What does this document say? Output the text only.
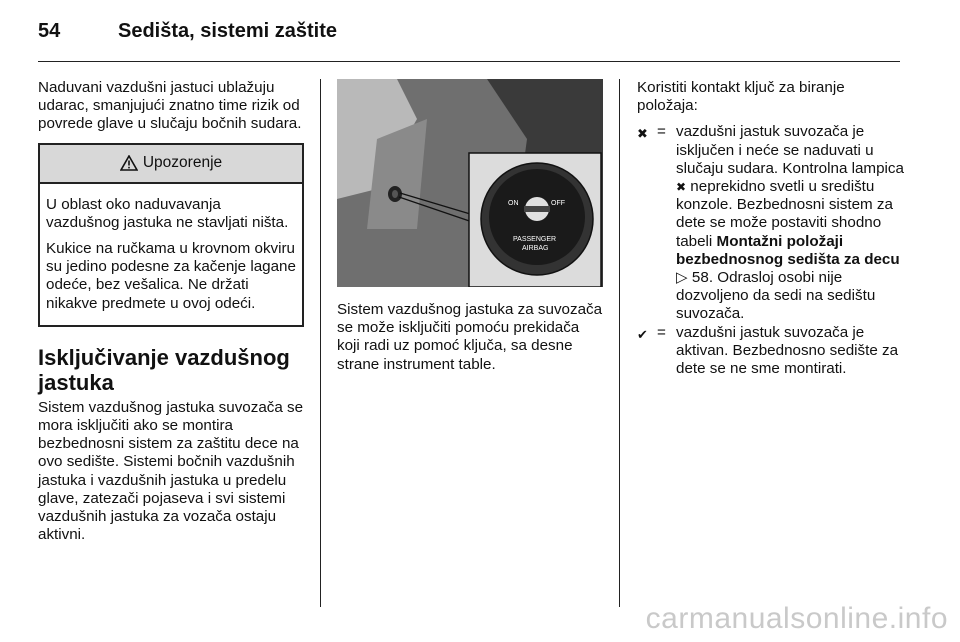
54	Sedišta, sistemi zaštite

Naduvani vazdušni jastuci ublažuju udarac, smanjujući znatno time rizik od povrede glave u slučaju bočnih sudara.

Upozorenje

U oblast oko naduvavanja vazdušnog jastuka ne stavljati ništa.

Kukice na ručkama u krovnom okviru su jedino podesne za kačenje lagane odeće, bez vešalica. Ne držati nikakve predmete u ovoj odeći.

Isključivanje vazdušnog jastuka

Sistem vazdušnog jastuka suvozača se mora isključiti ako se montira bezbednosni sistem za zaštitu dece na ovo sedište. Sistemi bočnih vazdušnih jastuka i vazdušnih jastuka u predelu glave, zatezači pojaseva i svi sistemi vazdušnih jastuka za vozača ostaju aktivni.

ON	OFF
PASSENGER
AIRBAG

Sistem vazdušnog jastuka za suvozača se može isključiti pomoću prekidača koji radi uz pomoć ključa, sa desne strane instrument table.

Koristiti kontakt ključ za biranje položaja:

✖ = vazdušni jastuk suvozača je isključen i neće se naduvati u slučaju sudara. Kontrolna lampica ✖ neprekidno svetli u središtu konzole. Bezbednosni sistem za dete se može postaviti shodno tabeli Montažni položaji bezbednosnog sedišta za decu ▷ 58. Odrasloj osobi nije dozvoljeno da sedi na sedištu suvozača.
✔ = vazdušni jastuk suvozača je aktivan. Bezbednosno sedište za dete se ne sme montirati.
carmanualsonline.info
